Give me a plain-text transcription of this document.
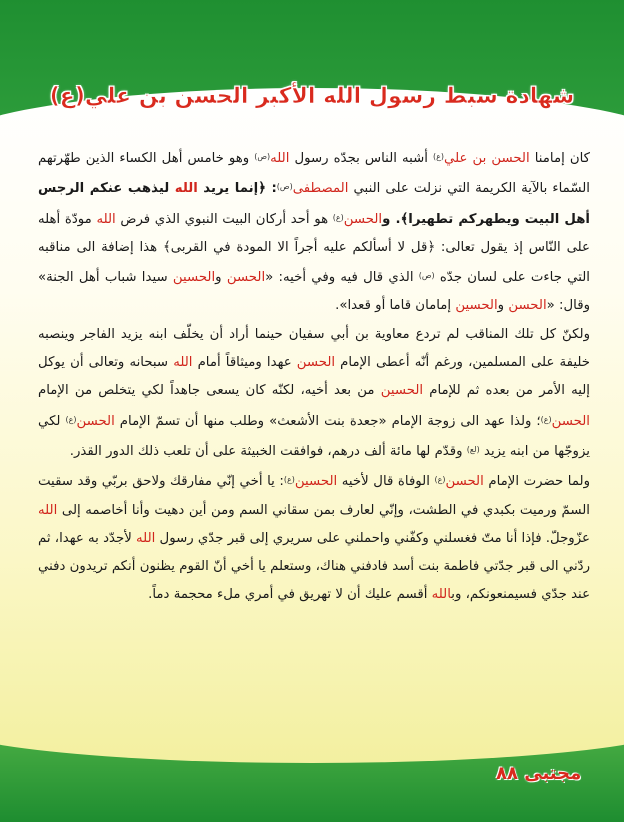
شهادة سبط رسول الله الأكبر الحسن بن علي(ع)

كان إمامنا الحسن بن علي$^{(ع)}$ أشبه الناس بجدّه رسول الله$^{(ص)}$ وهو خامس أهل الكساء الذين طهّرتهم السّماء بالآية الكريمة التي نزلت على النبي المصطفى$^{(ص)}$: ﴿إنما يريد الله ليذهب عنكم الرجس أهل البيت ويطهركم تطهيرا﴾. والحسن$^{(ع)}$ هو أحد أركان البيت النبوي الذي فرض الله مودّة أهله على النّاس إذ يقول تعالى: ﴿قل لا أسألكم عليه أجراً الا المودة في القربى﴾ هذا إضافة الى مناقبه التي جاءت على لسان جدّه $^{(ص)}$ الذي قال فيه وفي أخيه: «الحسن والحسين سيدا شباب أهل الجنة» وقال: «الحسن والحسين إمامان قاما أو قعدا».

ولكنّ كل تلك المناقب لم تردع معاوية بن أبي سفيان حينما أراد أن يخلّف ابنه يزيد الفاجر وينصبه خليفة على المسلمين، ورغم أنّه أعطى الإمام الحسن عهدا وميثاقاً أمام الله سبحانه وتعالى أن يوكل إليه الأمر من بعده ثم للإمام الحسين من بعد أخيه، لكنّه كان يسعى جاهداً لكي يتخلص من الإمام الحسن$^{(ع)}$؛ ولذا عهد الى زوجة الإمام «جعدة بنت الأشعث» وطلب منها أن تسمّ الإمام الحسن$^{(ع)}$ لكي يزوجّها من ابنه يزيد $^{(لع)}$ وقدّم لها مائة ألف درهم، فوافقت الخبيثة على أن تلعب ذلك الدور القذر.

ولما حضرت الإمام الحسن$^{(ع)}$ الوفاة قال لأخيه الحسين$^{(ع)}$: يا أخي إنّي مفارقك ولاحق بربّي وقد سقيت السمّ ورميت بكبدي في الطشت، وإنّي لعارف بمن سقاني السم ومن أين دهيت وأنا أخاصمه إلى الله عزّوجلّ. فإذا أنا متّ فغسلني وكفّني واحملني على سريري إلى قبر جدّي رسول الله لأجدّد به عهدا، ثم ردّني الى قبر جدّتي فاطمة بنت أسد فادفني هناك، وستعلم يا أخي أنّ القوم يظنون أنكم تريدون دفني عند جدّي فسيمنعونكم، وبالله أقسم عليك أن لا تهريق في أمري ملء محجمة دماً.

مجتبى ٨٨
